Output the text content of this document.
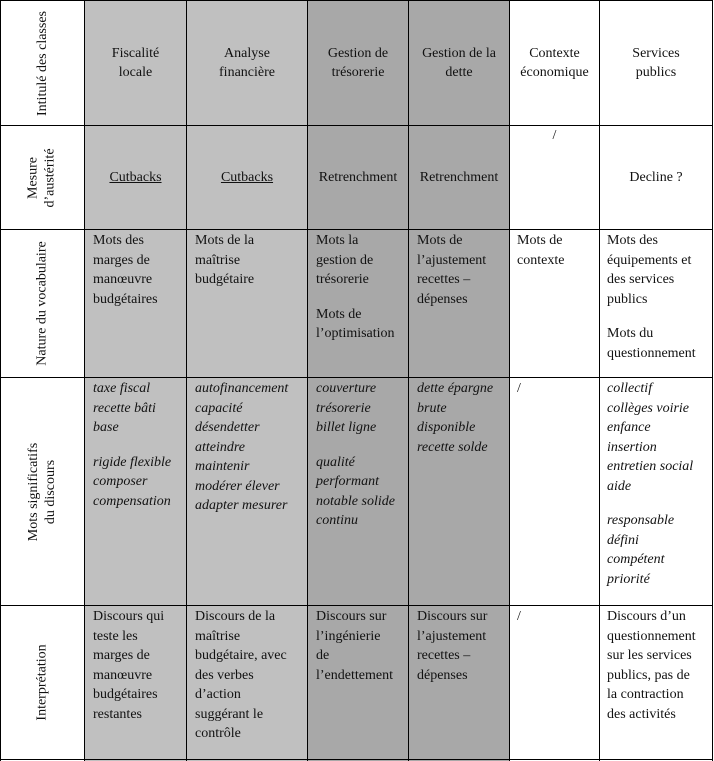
Intitulé des classes
Mesure d’austérité
Nature du vocabulaire
Mots significatifs du discours
Interprétation
Fiscalité
locale
Cutbacks
Mots des
marges de
manœuvre
budgétaires
taxe fiscal
recette bâti
base
rigide flexible
composer
compensation
Discours qui
teste les
marges de
manœuvre
budgétaires
restantes
Analyse
financière
Cutbacks
Mots de la
maîtrise
budgétaire
autofinancement
capacité
désendetter
atteindre
maintenir
modérer élever
adapter mesurer
Discours de la
maîtrise
budgétaire, avec
des verbes
d’action
suggérant le
contrôle
Gestion de
trésorerie
Retrenchment
Mots la
gestion de
trésorerie
Mots de
l’optimisation
couverture
trésorerie
billet ligne
qualité
performant
notable solide
continu
Discours sur
l’ingénierie
de
l’endettement
Gestion de la
dette
Retrenchment
Mots de
l’ajustement
recettes –
dépenses
dette épargne
brute
disponible
recette solde
Discours sur
l’ajustement
recettes –
dépenses
Contexte
économique
/
Mots de
contexte
/
/
Services
publics
Decline ?
Mots des
équipements et
des services
publics
Mots du
questionnement
collectif
collèges voirie
enfance
insertion
entretien social
aide
responsable
défini
compétent
priorité
Discours d’un
questionnement
sur les services
publics, pas de
la contraction
des activités
